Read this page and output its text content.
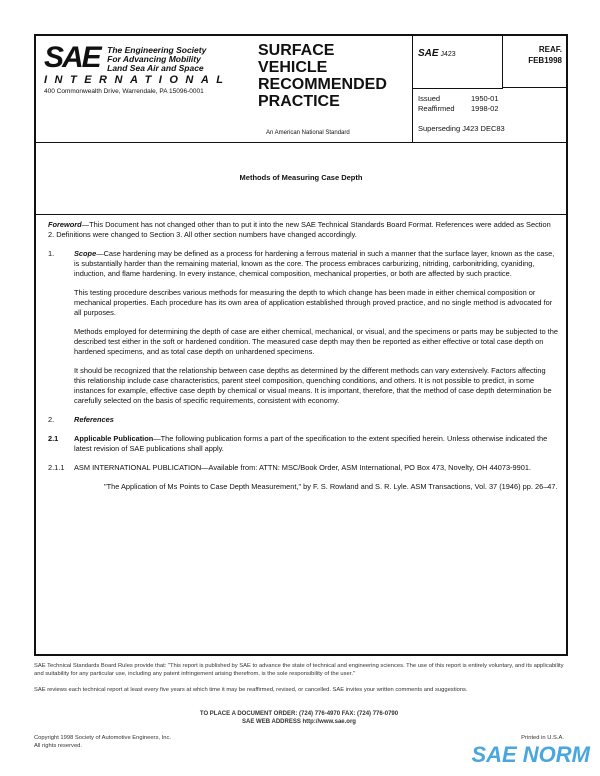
SAE The Engineering Society
For Advancing Mobility
Land Sea Air and Space
INTERNATIONAL
400 Commonwealth Drive, Warrendale, PA 15096-0001
SURFACE
VEHICLE
RECOMMENDED
PRACTICE
An American National Standard
SAE J423
REAF.
FEB1998
Issued	1950-01
Reaffirmed 1998-02
Superseding J423 DEC83
Methods of Measuring Case Depth

Foreword—This Document has not changed other than to put it into the new SAE Technical Standards Board Format. References were added as Section 2. Definitions were changed to Section 3. All other section numbers have changed accordingly.

1.	Scope—Case hardening may be defined as a process for hardening a ferrous material in such a manner that the surface layer, known as the case, is substantially harder than the remaining material, known as the core. The process embraces carburizing, nitriding, carbonitriding, cyaniding, induction, and flame hardening. In every instance, chemical composition, mechanical properties, or both are affected by such practice.

This testing procedure describes various methods for measuring the depth to which change has been made in either chemical composition or mechanical properties. Each procedure has its own area of application established through proved practice, and no single method is advocated for all purposes.

Methods employed for determining the depth of case are either chemical, mechanical, or visual, and the specimens or parts may be subjected to the described test either in the soft or hardened condition. The measured case depth may then be reported as either effective or total case depth on hardened specimens, and as total case depth on unhardened specimens.

It should be recognized that the relationship between case depths as determined by the different methods can vary extensively. Factors affecting this relationship include case characteristics, parent steel composition, quenching conditions, and others. It is not possible to predict, in some instances for example, effective case depth by chemical or visual means. It is important, therefore, that the method of case depth determination be carefully selected on the basis of specific requirements, consistent with economy.

2.	References

2.1 Applicable Publication—The following publication forms a part of the specification to the extent specified herein. Unless otherwise indicated the latest revision of SAE publications shall apply.

2.1.1 ASM INTERNATIONAL PUBLICATION—Available from: ATTN: MSC/Book Order, ASM International, PO Box 473, Novelty, OH 44073-9901.

"The Application of Ms Points to Case Depth Measurement," by F. S. Rowland and S. R. Lyle. ASM Transactions, Vol. 37 (1946) pp. 26–47.

SAE Technical Standards Board Rules provide that: "This report is published by SAE to advance the state of technical and engineering sciences. The use of this report is entirely voluntary, and its applicability and suitability for any particular use, including any patent infringement arising therefrom, is the sole responsibility of the user."
SAE reviews each technical report at least every five years at which time it may be reaffirmed, revised, or cancelled. SAE invites your written comments and suggestions.
TO PLACE A DOCUMENT ORDER: (724) 776-4970 FAX: (724) 776-0790
SAE WEB ADDRESS http://www.sae.org
Copyright 1998 Society of Automotive Engineers, Inc.
All rights reserved.
Printed in U.S.A.
SAE NORM
